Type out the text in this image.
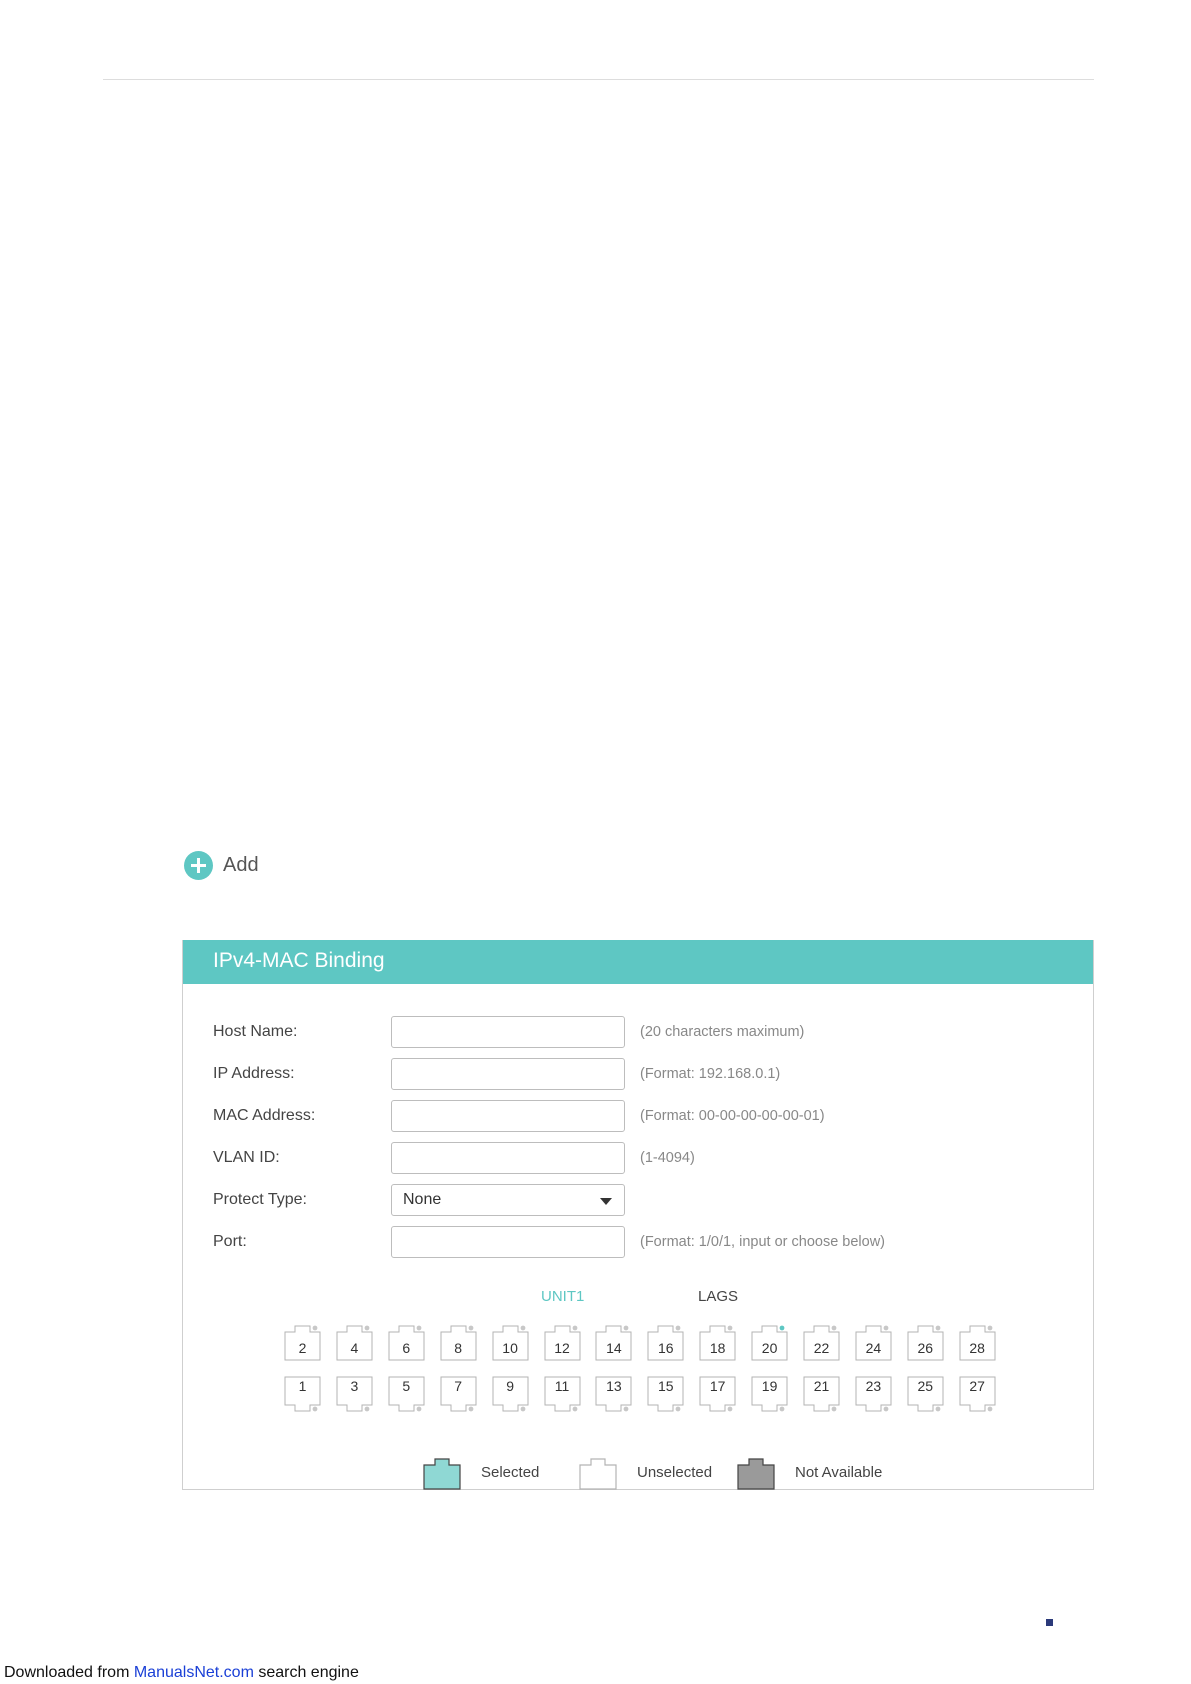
Add
IPv4-MAC Binding
Host Name:	(20 characters maximum)
IP Address:	(Format: 192.168.0.1)
MAC Address:	(Format: 00-00-00-00-00-01)
VLAN ID:	(1-4094)
Protect Type:	None
Port:	(Format: 1/0/1, input or choose below)
UNIT1	LAGS
2	4	6	8	10	12	14	16	18	20	22	24	26	28
1	3	5	7	9	11	13	15	17	19	21	23	25	27
Selected	Unselected	Not Available
Downloaded from ManualsNet.com search engine
